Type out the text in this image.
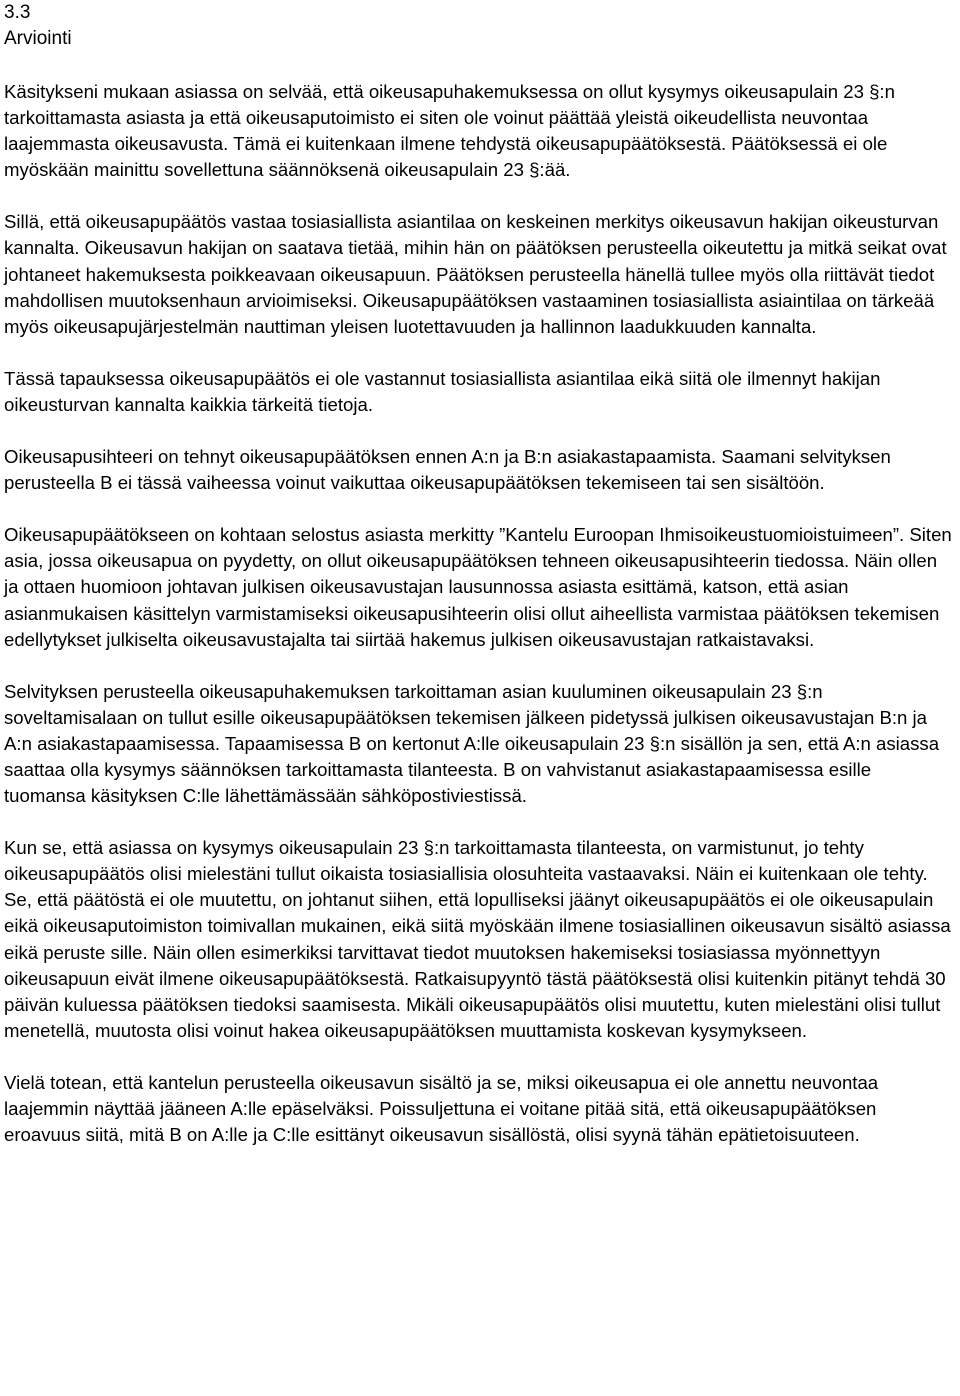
3.3

Arviointi

Käsitykseni mukaan asiassa on selvää, että oikeusapuhakemuksessa on ollut kysymys oikeusapulain 23 §:n tarkoittamasta asiasta ja että oikeusaputoimisto ei siten ole voinut päättää yleistä oikeudellista neuvontaa laajemmasta oikeusavusta. Tämä ei kuitenkaan ilmene tehdystä oikeusapupäätöksestä. Päätöksessä ei ole myöskään mainittu sovellettuna säännöksenä oikeusapulain 23 §:ää.

Sillä, että oikeusapupäätös vastaa tosiasiallista asiantilaa on keskeinen merkitys oikeusavun hakijan oikeusturvan kannalta. Oikeusavun hakijan on saatava tietää, mihin hän on päätöksen perusteella oikeutettu ja mitkä seikat ovat johtaneet hakemuksesta poikkeavaan oikeusapuun. Päätöksen perusteella hänellä tullee myös olla riittävät tiedot mahdollisen muutoksenhaun arvioimiseksi. Oikeusapupäätöksen vastaaminen tosiasiallista asiaintilaa on tärkeää myös oikeusapujärjestelmän nauttiman yleisen luotettavuuden ja hallinnon laadukkuuden kannalta.

Tässä tapauksessa oikeusapupäätös ei ole vastannut tosiasiallista asiantilaa eikä siitä ole ilmennyt hakijan oikeusturvan kannalta kaikkia tärkeitä tietoja.

Oikeusapusihteeri on tehnyt oikeusapupäätöksen ennen A:n ja B:n asiakastapaamista. Saamani selvityksen perusteella B ei tässä vaiheessa voinut vaikuttaa oikeusapupäätöksen tekemiseen tai sen sisältöön.

Oikeusapupäätökseen on kohtaan selostus asiasta merkitty ”Kantelu Euroopan Ihmisoikeustuomioistuimeen”. Siten asia, jossa oikeusapua on pyydetty, on ollut oikeusapupäätöksen tehneen oikeusapusihteerin tiedossa. Näin ollen ja ottaen huomioon johtavan julkisen oikeusavustajan lausunnossa asiasta esittämä, katson, että asian asianmukaisen käsittelyn varmistamiseksi oikeusapusihteerin olisi ollut aiheellista varmistaa päätöksen tekemisen edellytykset julkiselta oikeusavustajalta tai siirtää hakemus julkisen oikeusavustajan ratkaistavaksi.

Selvityksen perusteella oikeusapuhakemuksen tarkoittaman asian kuuluminen oikeusapulain 23 §:n soveltamisalaan on tullut esille oikeusapupäätöksen tekemisen jälkeen pidetyssä julkisen oikeusavustajan B:n ja A:n asiakastapaamisessa. Tapaamisessa B on kertonut A:lle oikeusapulain 23 §:n sisällön ja sen, että A:n asiassa saattaa olla kysymys säännöksen tarkoittamasta tilanteesta. B on vahvistanut asiakastapaamisessa esille tuomansa käsityksen C:lle lähettämässään sähköpostiviestissä.

Kun se, että asiassa on kysymys oikeusapulain 23 §:n tarkoittamasta tilanteesta, on varmistunut, jo tehty oikeusapupäätös olisi mielestäni tullut oikaista tosiasiallisia olosuhteita vastaavaksi. Näin ei kuitenkaan ole tehty. Se, että päätöstä ei ole muutettu, on johtanut siihen, että lopulliseksi jäänyt oikeusapupäätös ei ole oikeusapulain eikä oikeusaputoimiston toimivallan mukainen, eikä siitä myöskään ilmene tosiasiallinen oikeusavun sisältö asiassa eikä peruste sille. Näin ollen esimerkiksi tarvittavat tiedot muutoksen hakemiseksi tosiasiassa myönnettyyn oikeusapuun eivät ilmene oikeusapupäätöksestä. Ratkaisupyyntö tästä päätöksestä olisi kuitenkin pitänyt tehdä 30 päivän kuluessa päätöksen tiedoksi saamisesta. Mikäli oikeusapupäätös olisi muutettu, kuten mielestäni olisi tullut menetellä, muutosta olisi voinut hakea oikeusapupäätöksen muuttamista koskevan kysymykseen.

Vielä totean, että kantelun perusteella oikeusavun sisältö ja se, miksi oikeusapua ei ole annettu neuvontaa laajemmin näyttää jääneen A:lle epäselväksi. Poissuljettuna ei voitane pitää sitä, että oikeusapupäätöksen eroavuus siitä, mitä B on A:lle ja C:lle esittänyt oikeusavun sisällöstä, olisi syynä tähän epätietoisuuteen.
